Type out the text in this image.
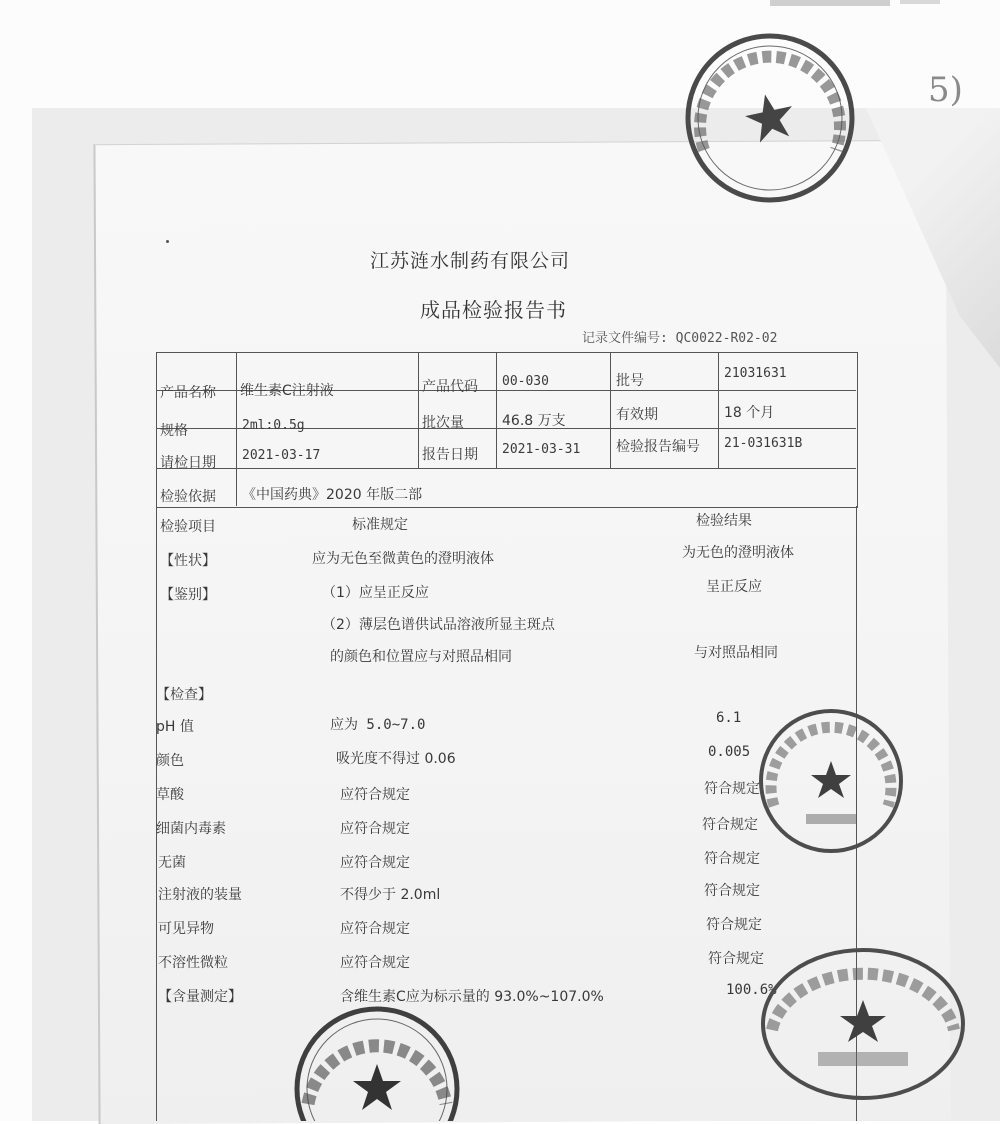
5)
江苏涟水制药有限公司
成品检验报告书
记录文件编号: QC0022-R02-02
产品名称 维生素C注射液	产品代码 00-030	批号	21031631
规格	2ml:0.5g	批次量	46.8 万支	有效期	18 个月
请检日期 2021-03-17	报告日期 2021-03-31	检验报告编号 21-031631B
检验依据 《中国药典》2020 年版二部
检验项目	标准规定	检验结果
【性状】	应为无色至微黄色的澄明液体	为无色的澄明液体
【鉴别】	（1）应呈正反应	呈正反应
（2）薄层色谱供试品溶液所显主斑点
的颜色和位置应与对照品相同	与对照品相同
【检查】
pH 值	应为 5.0~7.0	6.1
颜色	吸光度不得过 0.06	0.005
草酸	应符合规定	符合规定
细菌内毒素	应符合规定	符合规定
无菌	应符合规定	符合规定
注射液的装量	不得少于 2.0ml	符合规定
可见异物	应符合规定	符合规定
不溶性微粒	应符合规定	符合规定
【含量测定】	含维生素C应为标示量的 93.0%~107.0%	100.6%
